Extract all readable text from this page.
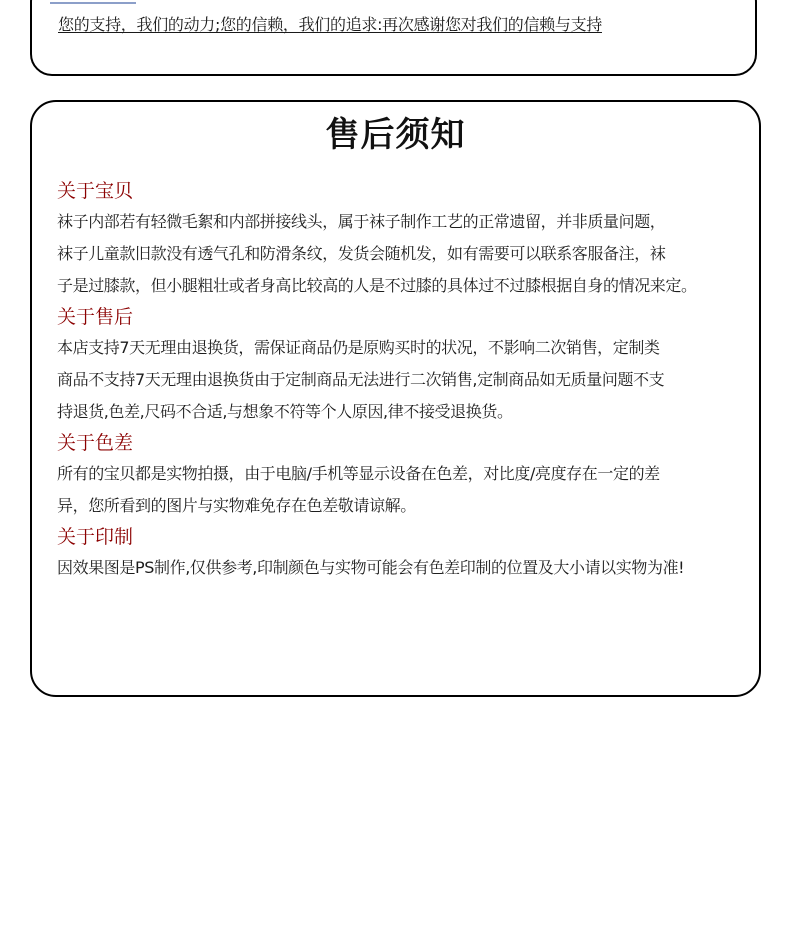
您的支持，我们的动力;您的信赖，我们的追求:再次感谢您对我们的信赖与支持
售后须知
关于宝贝
袜子内部若有轻微毛絮和内部拼接线头，属于袜子制作工艺的正常遗留，并非质量问题，
袜子儿童款旧款没有透气孔和防滑条纹，发货会随机发，如有需要可以联系客服备注，袜
子是过膝款，但小腿粗壮或者身高比较高的人是不过膝的具体过不过膝根据自身的情况来定。
关于售后
本店支持7天无理由退换货，需保证商品仍是原购买时的状况，不影响二次销售，定制类
商品不支持7天无理由退换货由于定制商品无法进行二次销售,定制商品如无质量问题不支
持退货,色差,尺码不合适,与想象不符等个人原因,律不接受退换货。
关于色差
所有的宝贝都是实物拍摄，由于电脑/手机等显示设备在色差，对比度/亮度存在一定的差
异，您所看到的图片与实物难免存在色差敬请谅解。
关于印制
因效果图是PS制作,仅供参考,印制颜色与实物可能会有色差印制的位置及大小请以实物为准!
